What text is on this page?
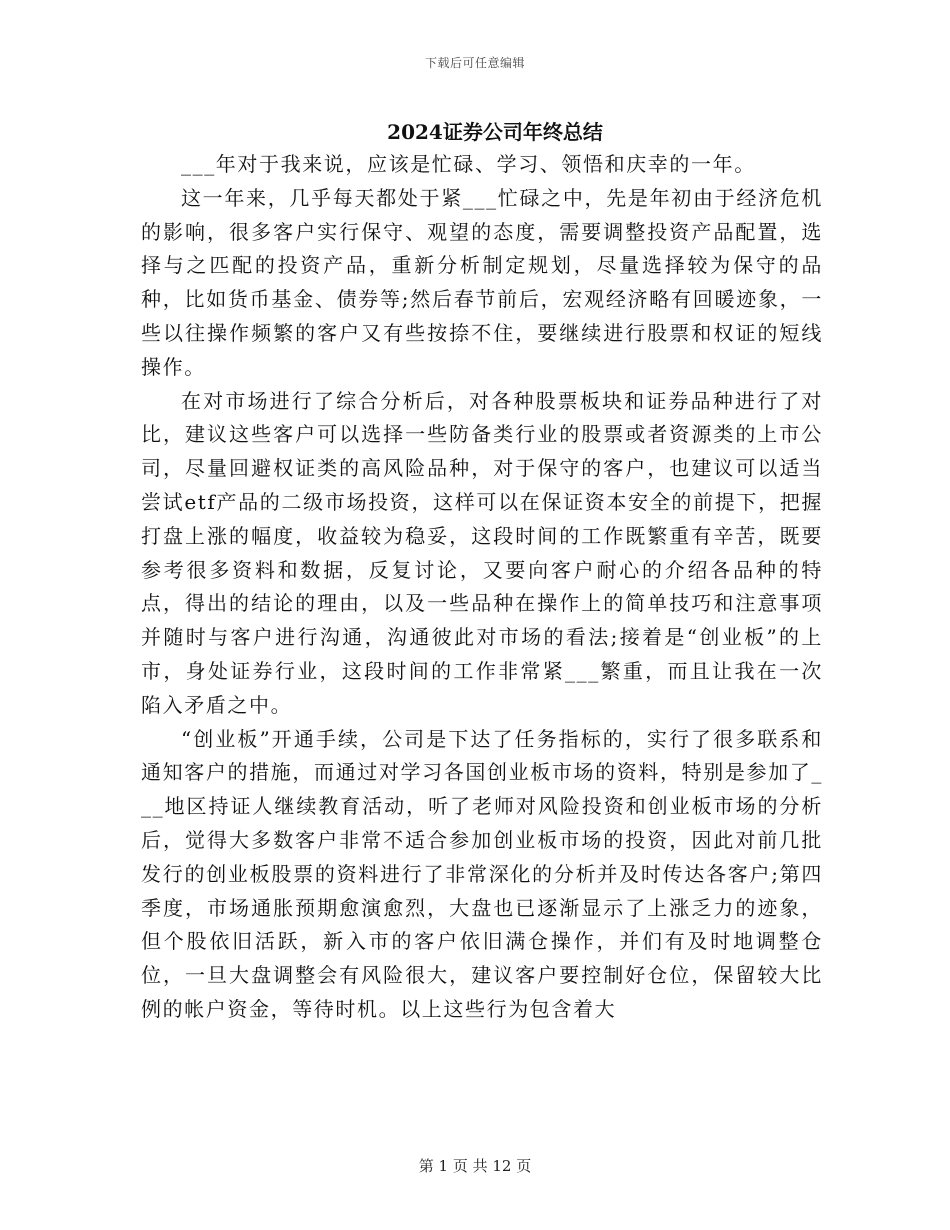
下载后可任意编辑
2024证券公司年终总结

___年对于我来说，应该是忙碌、学习、领悟和庆幸的一年。

这一年来，几乎每天都处于紧___忙碌之中，先是年初由于经济危机的影响，很多客户实行保守、观望的态度，需要调整投资产品配置，选择与之匹配的投资产品，重新分析制定规划，尽量选择较为保守的品种，比如货币基金、债券等;然后春节前后，宏观经济略有回暖迹象，一些以往操作频繁的客户又有些按捺不住，要继续进行股票和权证的短线操作。

在对市场进行了综合分析后，对各种股票板块和证券品种进行了对比，建议这些客户可以选择一些防备类行业的股票或者资源类的上市公司，尽量回避权证类的高风险品种，对于保守的客户，也建议可以适当尝试etf产品的二级市场投资，这样可以在保证资本安全的前提下，把握打盘上涨的幅度，收益较为稳妥，这段时间的工作既繁重有辛苦，既要参考很多资料和数据，反复讨论，又要向客户耐心的介绍各品种的特点，得出的结论的理由，以及一些品种在操作上的简单技巧和注意事项并随时与客户进行沟通，沟通彼此对市场的看法;接着是“创业板”的上市，身处证券行业，这段时间的工作非常紧___繁重，而且让我在一次陷入矛盾之中。

“创业板”开通手续，公司是下达了任务指标的，实行了很多联系和通知客户的措施，而通过对学习各国创业板市场的资料，特别是参加了___地区持证人继续教育活动，听了老师对风险投资和创业板市场的分析后，觉得大多数客户非常不适合参加创业板市场的投资，因此对前几批发行的创业板股票的资料进行了非常深化的分析并及时传达各客户;第四季度，市场通胀预期愈演愈烈，大盘也已逐渐显示了上涨乏力的迹象，但个股依旧活跃，新入市的客户依旧满仓操作，并们有及时地调整仓位，一旦大盘调整会有风险很大，建议客户要控制好仓位，保留较大比例的帐户资金，等待时机。以上这些行为包含着大

第 1 页 共 12 页
